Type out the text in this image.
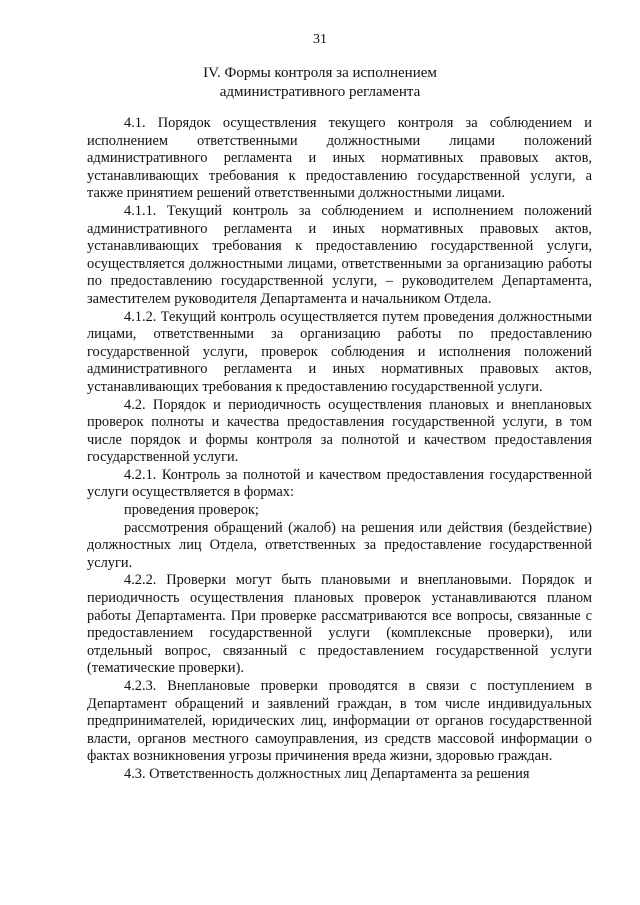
31
IV. Формы контроля за исполнением
административного регламента

4.1. Порядок осуществления текущего контроля за соблюдением и исполнением ответственными должностными лицами положений административного регламента и иных нормативных правовых актов, устанавливающих требования к предоставлению государственной услуги, а также принятием решений ответственными должностными лицами.

4.1.1. Текущий контроль за соблюдением и исполнением положений административного регламента и иных нормативных правовых актов, устанавливающих требования к предоставлению государственной услуги, осуществляется должностными лицами, ответственными за организацию работы по предоставлению государственной услуги, – руководителем Департамента, заместителем руководителя Департамента и начальником Отдела.

4.1.2. Текущий контроль осуществляется путем проведения должностными лицами, ответственными за организацию работы по предоставлению государственной услуги, проверок соблюдения и исполнения положений административного регламента и иных нормативных правовых актов, устанавливающих требования к предоставлению государственной услуги.

4.2. Порядок и периодичность осуществления плановых и внеплановых проверок полноты и качества предоставления государственной услуги, в том числе порядок и формы контроля за полнотой и качеством предоставления государственной услуги.

4.2.1. Контроль за полнотой и качеством предоставления государственной услуги осуществляется в формах:

проведения проверок;

рассмотрения обращений (жалоб) на решения или действия (бездействие) должностных лиц Отдела, ответственных за предоставление государственной услуги.

4.2.2. Проверки могут быть плановыми и внеплановыми. Порядок и периодичность осуществления плановых проверок устанавливаются планом работы Департамента. При проверке рассматриваются все вопросы, связанные с предоставлением государственной услуги (комплексные проверки), или отдельный вопрос, связанный с предоставлением государственной услуги (тематические проверки).

4.2.3. Внеплановые проверки проводятся в связи с поступлением в Департамент обращений и заявлений граждан, в том числе индивидуальных предпринимателей, юридических лиц, информации от органов государственной власти, органов местного самоуправления, из средств массовой информации о фактах возникновения угрозы причинения вреда жизни, здоровью граждан.

4.3. Ответственность должностных лиц Департамента за решения
